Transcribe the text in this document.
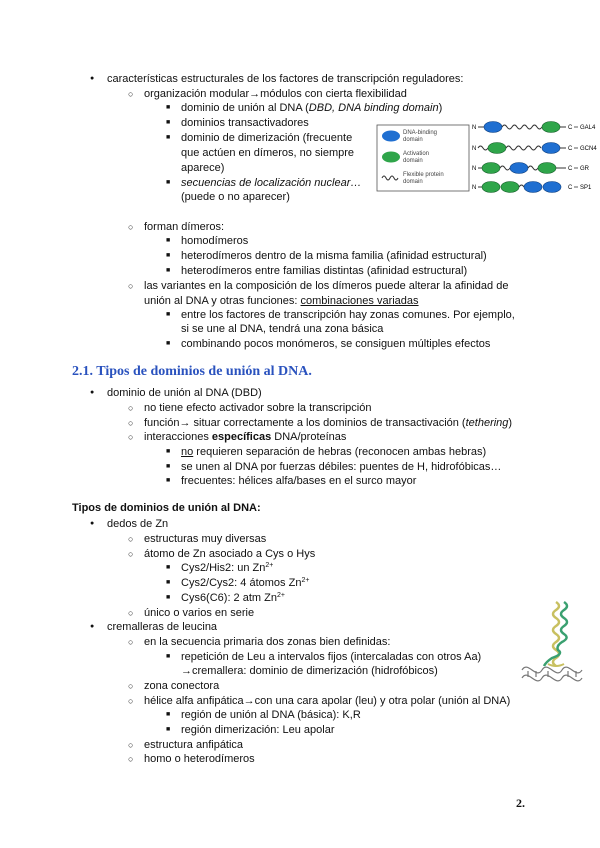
● características estructurales de los factores de transcripción reguladores:
○ organización modular→módulos con cierta flexibilidad
■ dominio de unión al DNA (DBD, DNA binding domain)
■ dominios transactivadores
■ dominio de dimerización (frecuente
que actúen en dímeros, no siempre
aparece)
■ secuencias de localización nuclear…
(puede o no aparecer)
DNA-binding
domain
Activation
domain
Flexible protein
domain
N	C GAL4
N	C GCN4
N	C GR
N	C SP1
○ forman dímeros:
■ homodímeros
■ heterodímeros dentro de la misma familia (afinidad estructural)
■ heterodímeros entre familias distintas (afinidad estructural)
○ las variantes en la composición de los dímeros puede alterar la afinidad de
unión al DNA y otras funciones: combinaciones variadas
■ entre los factores de transcripción hay zonas comunes. Por ejemplo,
si se une al DNA, tendrá una zona básica
■ combinando pocos monómeros, se consiguen múltiples efectos
2.1. Tipos de dominios de unión al DNA.
● dominio de unión al DNA (DBD)
○ no tiene efecto activador sobre la transcripción
○ función→ situar correctamente a los dominios de transactivación (tethering)
○ interacciones específicas DNA/proteínas
■ no requieren separación de hebras (reconocen ambas hebras)
■ se unen al DNA por fuerzas débiles: puentes de H, hidrofóbicas…
■ frecuentes: hélices alfa/bases en el surco mayor
Tipos de dominios de unión al DNA:
● dedos de Zn
○ estructuras muy diversas
○ átomo de Zn asociado a Cys o Hys
■ Cys2/His2: un $Zn^{2+}$
■ Cys2/Cys2: 4 átomos $Zn^{2+}$
■ Cys6(C6): 2 atm $Zn^{2+}$
○ único o varios en serie
● cremalleras de leucina
○ en la secuencia primaria dos zonas bien definidas:
■ repetición de Leu a intervalos fijos (intercaladas con otros Aa)
→cremallera: dominio de dimerización (hidrofóbicos)
○ zona conectora
○ hélice alfa anfipática→con una cara apolar (leu) y otra polar (unión al DNA)
■ región de unión al DNA (básica): K,R
■ región dimerización: Leu apolar
○ estructura anfipática
○ homo o heterodímeros
2.
